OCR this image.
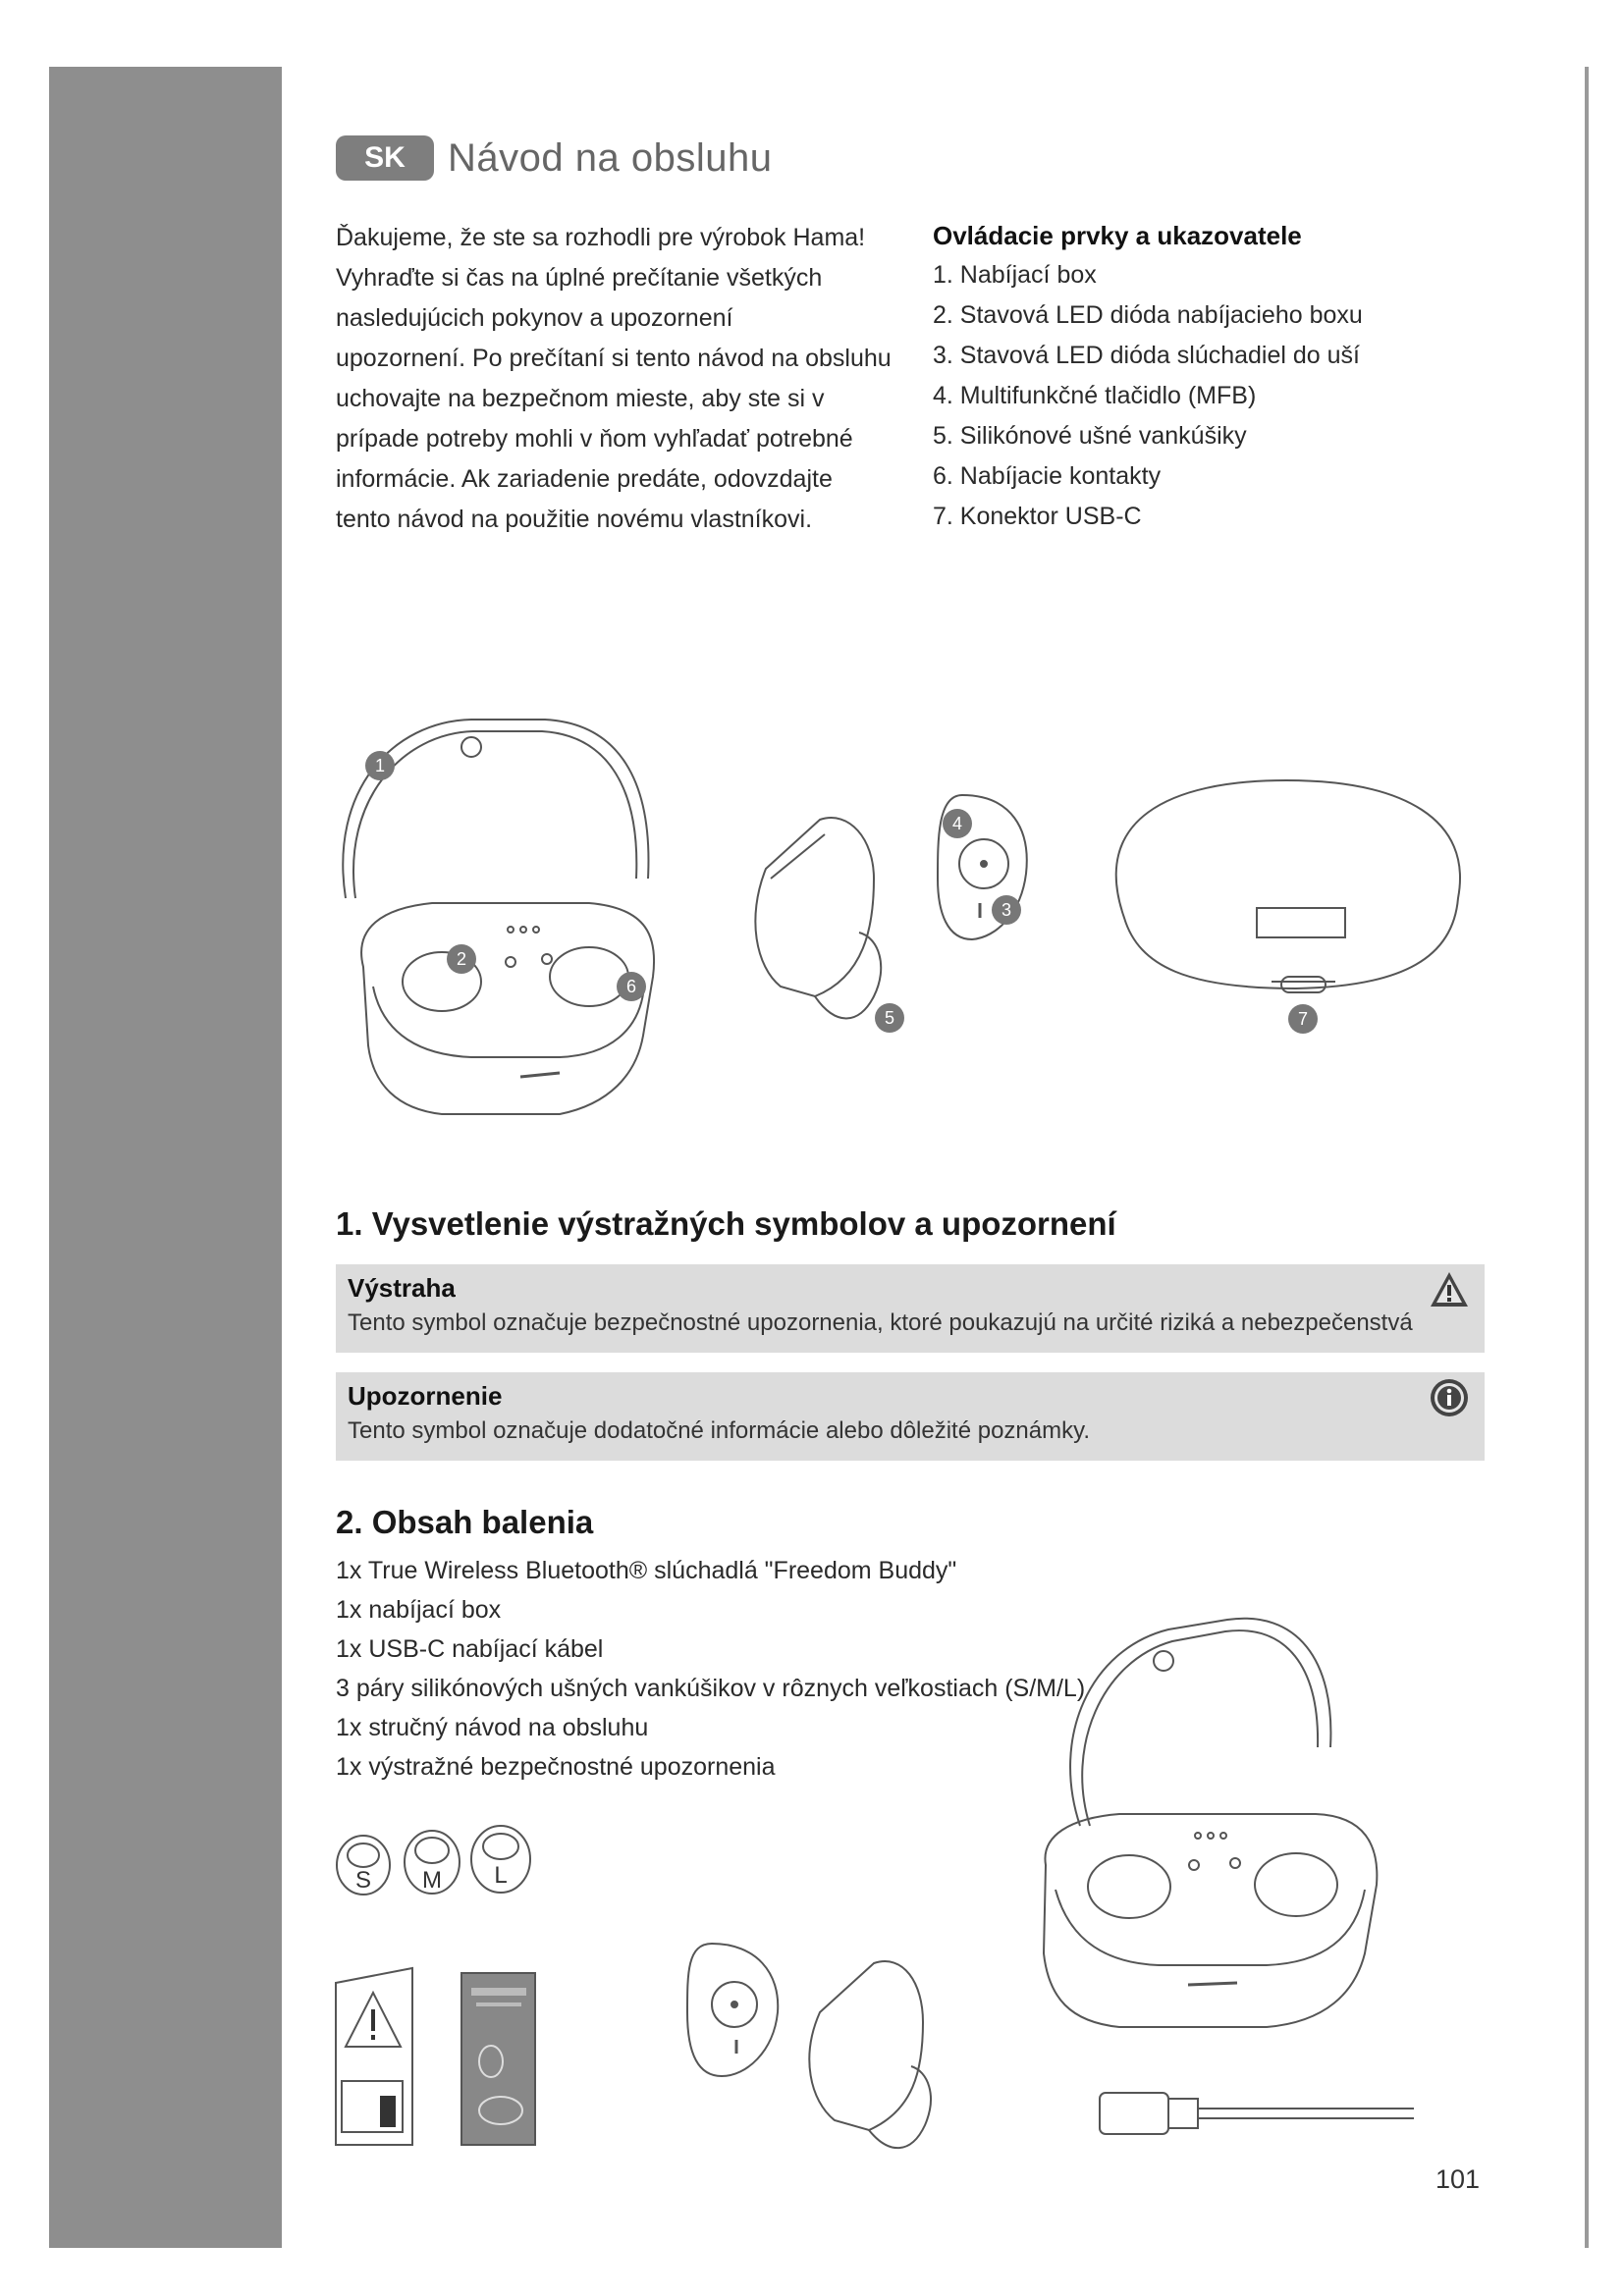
SK	Návod na obsluhu

Ďakujeme, že ste sa rozhodli pre výrobok Hama!

Vyhraďte si čas na úplné prečítanie všetkých

nasledujúcich pokynov a upozornení

upozornení. Po prečítaní si tento návod na obsluhu

uchovajte na bezpečnom mieste, aby ste si v

prípade potreby mohli v ňom vyhľadať potrebné

informácie. Ak zariadenie predáte, odovzdajte

tento návod na použitie novému vlastníkovi.

Ovládacie prvky a ukazovatele
1. Nabíjací box
2. Stavová LED dióda nabíjacieho boxu
3. Stavová LED dióda slúchadiel do uší
4. Multifunkčné tlačidlo (MFB)
5. Silikónové ušné vankúšiky
6. Nabíjacie kontakty
7. Konektor USB-C
1
2
3
4
5
6
7
1. Vysvetlenie výstražných symbolov a upozornení
Výstraha
Tento symbol označuje bezpečnostné upozornenia, ktoré poukazujú na určité riziká a nebezpečenstvá
Upozornenie
Tento symbol označuje dodatočné informácie alebo dôležité poznámky.
2. Obsah balenia
1x True Wireless Bluetooth® slúchadlá "Freedom Buddy"
1x nabíjací box
1x USB-C nabíjací kábel
3 páry silikónových ušných vankúšikov v rôznych veľkostiach (S/M/L)
1x stručný návod na obsluhu
1x výstražné bezpečnostné upozornenia
S M L
101
